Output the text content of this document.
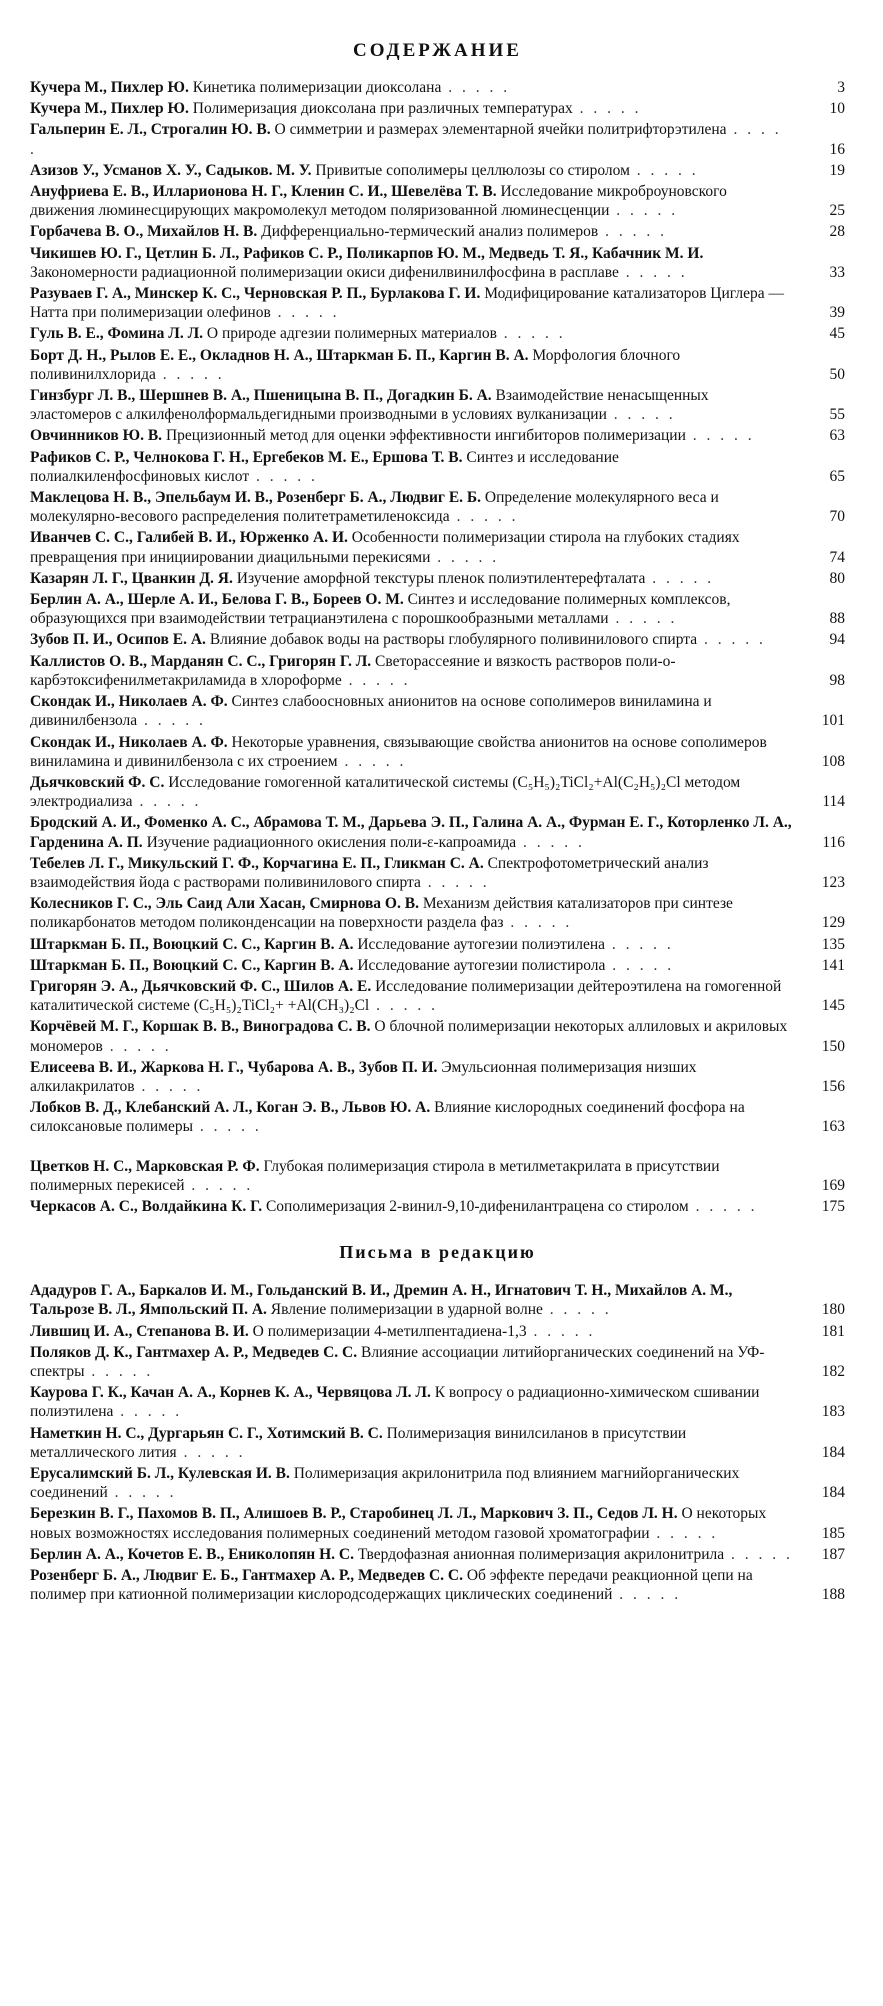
СОДЕРЖАНИЕ
Кучера М., Пихлер Ю. Кинетика полимеризации диоксолана . . . . .	3
Кучера М., Пихлер Ю. Полимеризация диоксолана при различных температурах . . . . .	10
Гальперин Е. Л., Строгалин Ю. В. О симметрии и размерах элементарной ячейки политрифторэтилена . . . . .	16
Азизов У., Усманов Х. У., Садыков. М. У. Привитые сополимеры целлюлозы со стиролом . . . . .	19
Ануфриева Е. В., Илларионова Н. Г., Кленин С. И., Шевелёва Т. В. Исследование микроброуновского движения люминесцирующих макромолекул методом поляризованной люминесценции . . . . .	25
Горбачева В. О., Михайлов Н. В. Дифференциально-термический анализ полимеров . . . . .	28
Чикишев Ю. Г., Цетлин Б. Л., Рафиков С. Р., Поликарпов Ю. М., Медведь Т. Я., Кабачник М. И. Закономерности радиационной полимеризации окиси дифенилвинилфосфина в расплаве . . . . .	33
Разуваев Г. А., Минскер К. С., Черновская Р. П., Бурлакова Г. И. Модифицирование катализаторов Циглера — Натта при полимеризации олефинов . . . . .	39
Гуль В. Е., Фомина Л. Л. О природе адгезии полимерных материалов . . . . .	45
Борт Д. Н., Рылов Е. Е., Окладнов Н. А., Штаркман Б. П., Каргин В. А. Морфология блочного поливинилхлорида . . . . .	50
Гинзбург Л. В., Шершнев В. А., Пшеницына В. П., Догадкин Б. А. Взаимодействие ненасыщенных эластомеров с алкилфенолформальдегидными производными в условиях вулканизации . . . . .	55
Овчинников Ю. В. Прецизионный метод для оценки эффективности ингибиторов полимеризации . . . . .	63
Рафиков С. Р., Челнокова Г. Н., Ергебеков М. Е., Ершова Т. В. Синтез и исследование полиалкиленфосфиновых кислот . . . . .	65
Маклецова Н. В., Эпельбаум И. В., Розенберг Б. А., Людвиг Е. Б. Определение молекулярного веса и молекулярно-весового распределения политетраметиленоксида . . . . .	70
Иванчев С. С., Галибей В. И., Юрженко А. И. Особенности полимеризации стирола на глубоких стадиях превращения при инициировании диацильными перекисями . . . . .	74
Казарян Л. Г., Цванкин Д. Я. Изучение аморфной текстуры пленок полиэтилентерефталата . . . . .	80
Берлин А. А., Шерле А. И., Белова Г. В., Бореев О. М. Синтез и исследование полимерных комплексов, образующихся при взаимодействии тетрацианэтилена с порошкообразными металлами . . . . .	88
Зубов П. И., Осипов Е. А. Влияние добавок воды на растворы глобулярного поливинилового спирта . . . . .	94
Каллистов О. В., Марданян С. С., Григорян Г. Л. Светорассеяние и вязкость растворов поли-о-карбэтоксифенилметакриламида в хлороформе . . . . .	98
Скондак И., Николаев А. Ф. Синтез слабоосновных анионитов на основе сополимеров виниламина и дивинилбензола . . . . .	101
Скондак И., Николаев А. Ф. Некоторые уравнения, связывающие свойства анионитов на основе сополимеров виниламина и дивинилбензола с их строением . . . . .	108
Дьячковский Ф. С. Исследование гомогенной каталитической системы (C₅H₅)₂TiCl₂+Al(C₂H₅)₂Cl методом электродиализа . . . . .	114
Бродский А. И., Фоменко А. С., Абрамова Т. М., Дарьева Э. П., Галина А. А., Фурман Е. Г., Которленко Л. А., Гарденина А. П. Изучение радиационного окисления поли-ε-капроамида . . . . .	116
Тебелев Л. Г., Микульский Г. Ф., Корчагина Е. П., Гликман С. А. Спектрофотометрический анализ взаимодействия йода с растворами поливинилового спирта . . . . .	123
Колесников Г. С., Эль Саид Али Хасан, Смирнова О. В. Механизм действия катализаторов при синтезе поликарбонатов методом поликонденсации на поверхности раздела фаз . . . . .	129
Штаркман Б. П., Воюцкий С. С., Каргин В. А. Исследование аутогезии полиэтилена . . . . .	135
Штаркман Б. П., Воюцкий С. С., Каргин В. А. Исследование аутогезии полистирола . . . . .	141
Григорян Э. А., Дьячковский Ф. С., Шилов А. Е. Исследование полимеризации дейтероэтилена на гомогенной каталитической системе (C₅H₅)₂TiCl₂+ +Al(CH₃)₂Cl . . . . .	145
Корчёвей М. Г., Коршак В. В., Виноградова С. В. О блочной полимеризации некоторых аллиловых и акриловых мономеров . . . . .	150
Елисеева В. И., Жаркова Н. Г., Чубарова А. В., Зубов П. И. Эмульсионная полимеризация низших алкилакрилатов . . . . .	156
Лобков В. Д., Клебанский А. Л., Коган Э. В., Львов Ю. А. Влияние кислородных соединений фосфора на силоксановые полимеры . . . . .	163
Цветков Н. С., Марковская Р. Ф. Глубокая полимеризация стирола в метилметакрилата в присутствии полимерных перекисей . . . . .	169
Черкасов А. С., Волдайкина К. Г. Сополимеризация 2-винил-9,10-дифенилантрацена со стиролом . . . . .	175
Письма в редакцию
Ададуров Г. А., Баркалов И. М., Гольданский В. И., Дремин А. Н., Игнатович Т. Н., Михайлов А. М., Тальрозе В. Л., Ямпольский П. А. Явление полимеризации в ударной волне . . . . .	180
Лившиц И. А., Степанова В. И. О полимеризации 4-метилпентадиена-1,3 . . . . .	181
Поляков Д. К., Гантмахер А. Р., Медведев С. С. Влияние ассоциации литийорганических соединений на УФ-спектры . . . . .	182
Каурова Г. К., Качан А. А., Корнев К. А., Червяцова Л. Л. К вопросу о радиационно-химическом сшивании полиэтилена . . . . .	183
Наметкин Н. С., Дургарьян С. Г., Хотимский В. С. Полимеризация винилсиланов в присутствии металлического лития . . . . .	184
Ерусалимский Б. Л., Кулевская И. В. Полимеризация акрилонитрила под влиянием магнийорганических соединений . . . . .	184
Березкин В. Г., Пахомов В. П., Алишоев В. Р., Старобинец Л. Л., Маркович З. П., Седов Л. Н. О некоторых новых возможностях исследования полимерных соединений методом газовой хроматографии . . . . .	185
Берлин А. А., Кочетов Е. В., Ениколопян Н. С. Твердофазная анионная полимеризация акрилонитрила . . . . .	187
Розенберг Б. А., Людвиг Е. Б., Гантмахер А. Р., Медведев С. С. Об эффекте передачи реакционной цепи на полимер при катионной полимеризации кислородсодержащих циклических соединений . . . . .	188
